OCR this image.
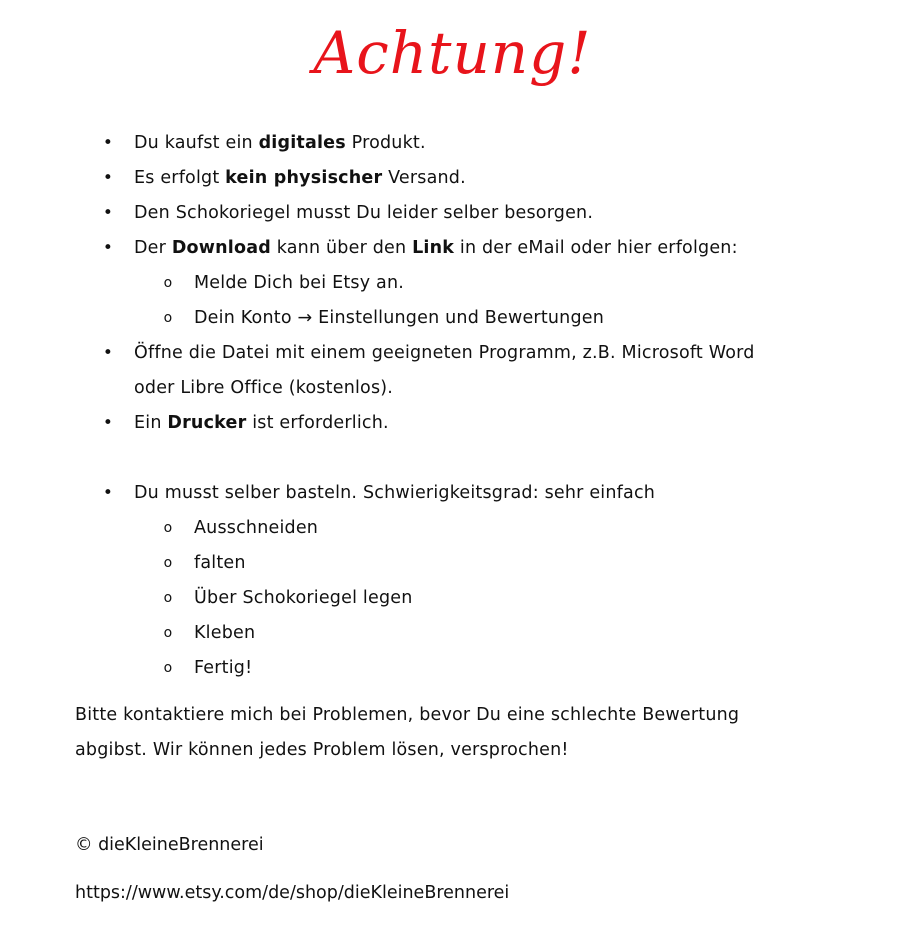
Achtung!
• Du kaufst ein digitales Produkt.
• Es erfolgt kein physischer Versand.
• Den Schokoriegel musst Du leider selber besorgen.
• Der Download kann über den Link in der eMail oder hier erfolgen:
o Melde Dich bei Etsy an.
o Dein Konto → Einstellungen und Bewertungen
• Öffne die Datei mit einem geeigneten Programm, z.B. Microsoft Word oder Libre Office (kostenlos).
• Ein Drucker ist erforderlich.
• Du musst selber basteln. Schwierigkeitsgrad: sehr einfach
o Ausschneiden
o falten
o Über Schokoriegel legen
o Kleben
o Fertig!
Bitte kontaktiere mich bei Problemen, bevor Du eine schlechte Bewertung abgibst. Wir können jedes Problem lösen, versprochen!
© dieKleineBrennerei
https://www.etsy.com/de/shop/dieKleineBrennerei
